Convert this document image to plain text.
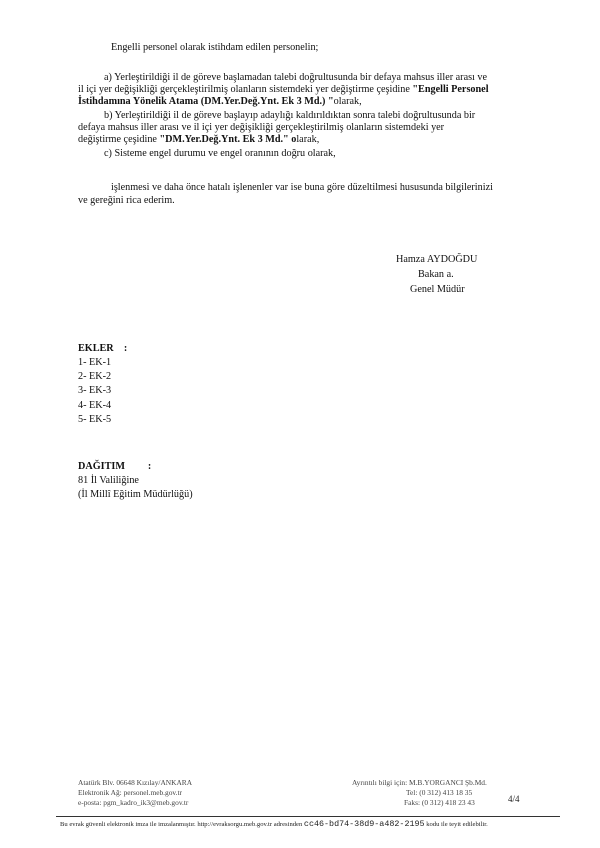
Engelli personel olarak istihdam edilen personelin;
a) Yerleştirildiği il de göreve başlamadan talebi doğrultusunda bir defaya mahsus iller arası ve
il içi yer değişikliği gerçekleştirilmiş olanların sistemdeki yer değiştirme çeşidine "Engelli Personel
İstihdamına Yönelik Atama (DM.Yer.Değ.Ynt. Ek 3 Md.) "olarak,
b) Yerleştirildiği il de göreve başlayıp adaylığı kaldırıldıktan sonra talebi doğrultusunda bir
defaya mahsus iller arası ve il içi yer değişikliği gerçekleştirilmiş olanların sistemdeki yer
değiştirme çeşidine "DM.Yer.Değ.Ynt. Ek 3 Md." olarak,
c) Sisteme engel durumu ve engel oranının doğru olarak,
işlenmesi ve daha önce hatalı işlenenler var ise buna göre düzeltilmesi hususunda bilgilerinizi
ve gereğini rica ederim.
Hamza AYDOĞDU
Bakan a.
Genel Müdür
EKLER    :
1- EK-1
2- EK-2
3- EK-3
4- EK-4
5- EK-5
DAĞITIM         :
81 İl Valiliğine
(İl Millî Eğitim Müdürlüğü)
Atatürk Blv. 06648 Kızılay/ANKARA
Elektronik Ağ: personel.meb.gov.tr
e-posta: pgm_kadro_ik3@meb.gov.tr
Ayrıntılı bilgi için: M.B.YORGANCI Şb.Md.
Tel: (0 312) 413 18 35
Faks: (0 312) 418 23 43	4/4
Bu evrak güvenli elektronik imza ile imzalanmıştır. http://evraksorgu.meb.gov.tr adresinden cc46-bd74-38d9-a482-2195 kodu ile teyit edilebilir.
